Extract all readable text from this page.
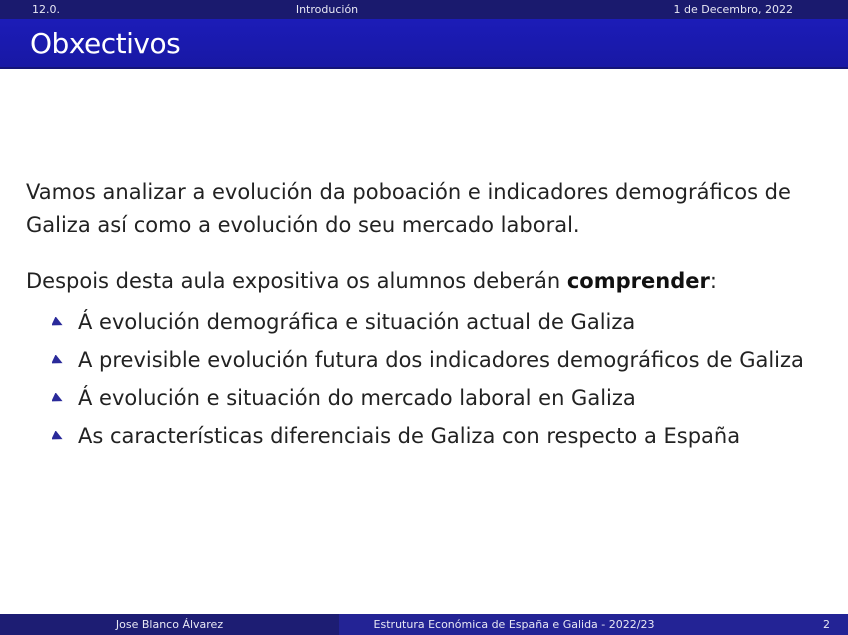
12.0.	Introdución	1 de Decembro, 2022
Obxectivos

Vamos analizar a evolución da poboación e indicadores demográficos de Galiza así como a evolución do seu mercado laboral.

Despois desta aula expositiva os alumnos deberán comprender:

Á evolución demográfica e situación actual de Galiza
A previsible evolución futura dos indicadores demográficos de Galiza
Á evolución e situación do mercado laboral en Galiza
As características diferenciais de Galiza con respecto a España
Jose Blanco Álvarez	Estrutura Económica de España e Galida - 2022/23	2
